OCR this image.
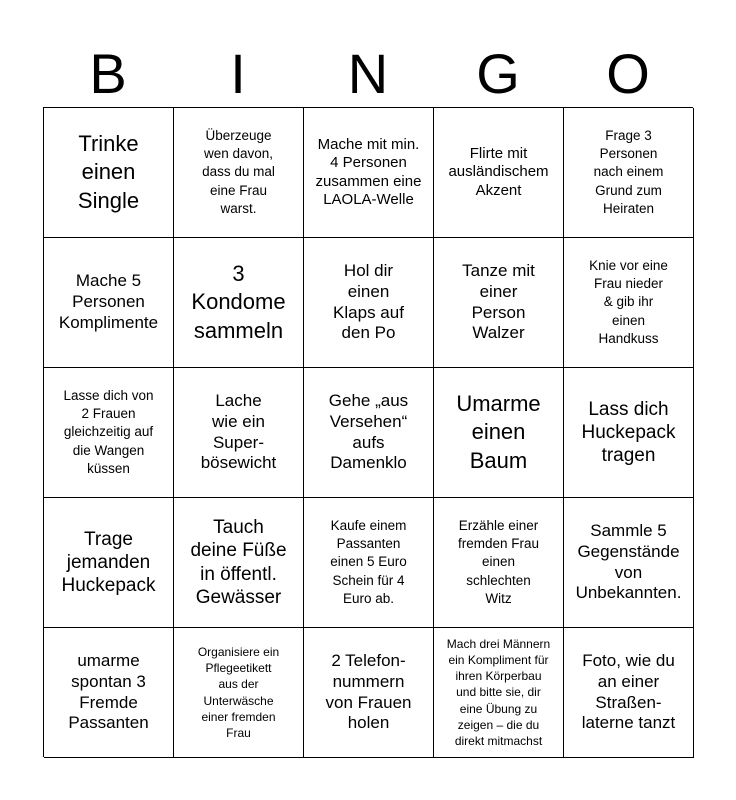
B	I	N	G	O
Trinke
einen
Single
Überzeuge
wen davon,
dass du mal
eine Frau
warst.
Mache mit min.
4 Personen
zusammen eine
LAOLA-Welle
Flirte mit
ausländischem
Akzent
Frage 3
Personen
nach einem
Grund zum
Heiraten
Mache 5
Personen
Komplimente
3
Kondome
sammeln
Hol dir
einen
Klaps auf
den Po
Tanze mit
einer
Person
Walzer
Knie vor eine
Frau nieder
& gib ihr
einen
Handkuss
Lasse dich von
2 Frauen
gleichzeitig auf
die Wangen
küssen
Lache
wie ein
Super-
bösewicht
Gehe „aus
Versehen“
aufs
Damenklo
Umarme
einen
Baum
Lass dich
Huckepack
tragen
Trage
jemanden
Huckepack
Tauch
deine Füße
in öffentl.
Gewässer
Kaufe einem
Passanten
einen 5 Euro
Schein für 4
Euro ab.
Erzähle einer
fremden Frau
einen
schlechten
Witz
Sammle 5
Gegenstände
von
Unbekannten.
umarme
spontan 3
Fremde
Passanten
Organisiere ein
Pflegeetikett
aus der
Unterwäsche
einer fremden
Frau
2 Telefon-
nummern
von Frauen
holen
Mach drei Männern
ein Kompliment für
ihren Körperbau
und bitte sie, dir
eine Übung zu
zeigen – die du
direkt mitmachst
Foto, wie du
an einer
Straßen-
laterne tanzt
